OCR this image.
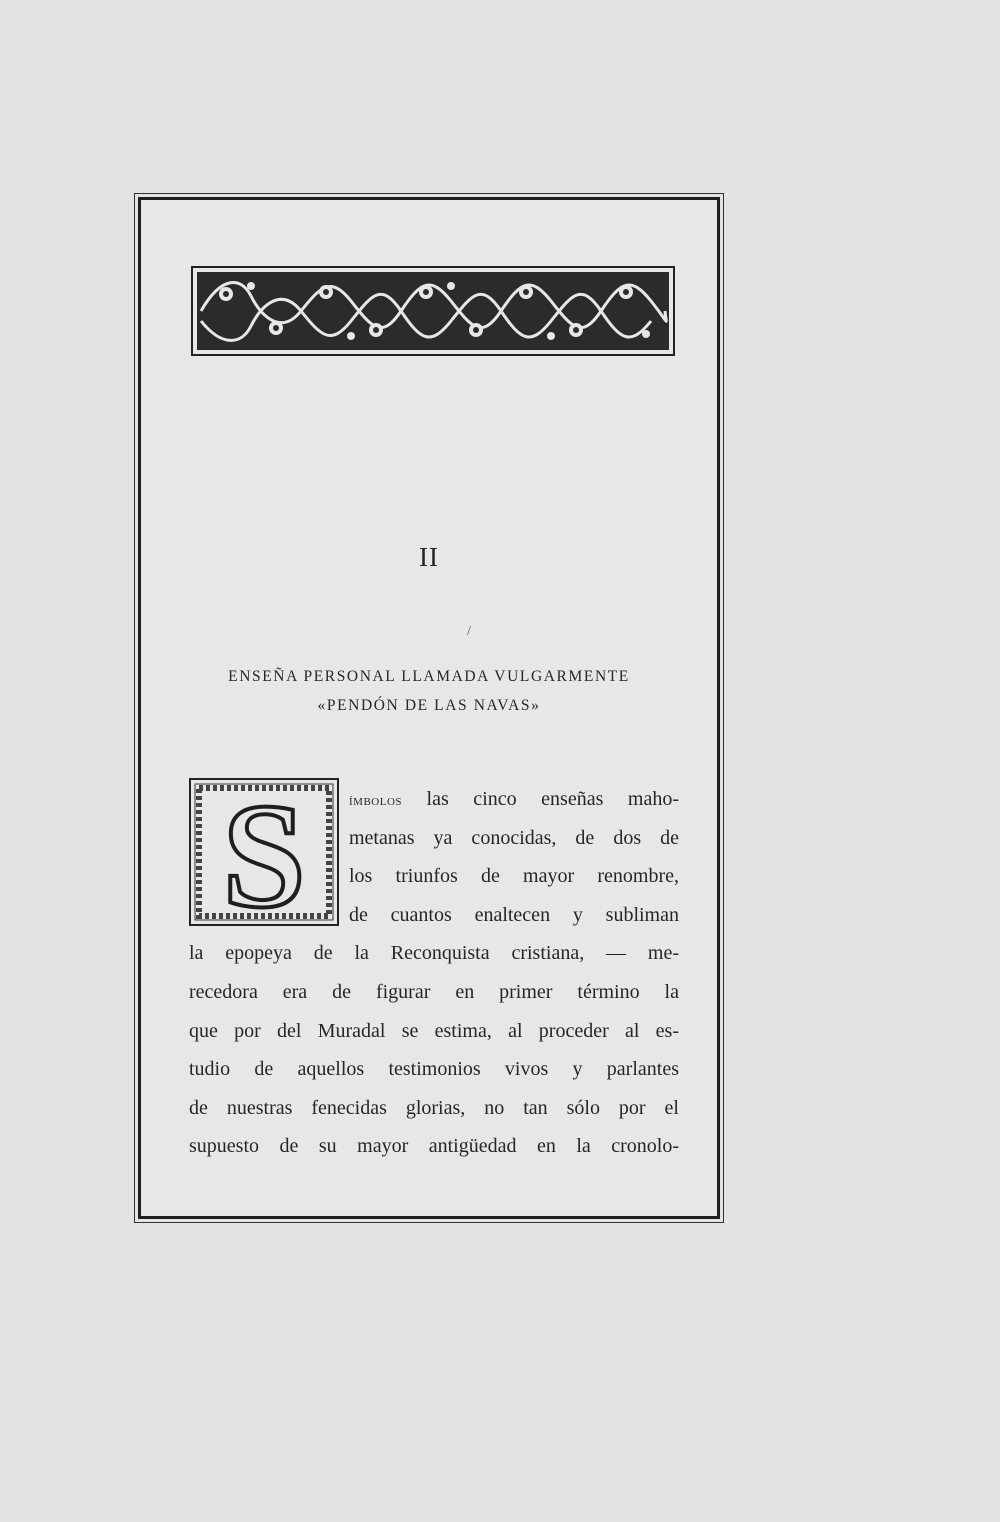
II
/
ENSEÑA PERSONAL LLAMADA VULGARMENTE
«PENDÓN DE LAS NAVAS»
S	ímbolos las cinco enseñas maho-
metanas ya conocidas, de dos de
los triunfos de mayor renombre,
de cuantos enaltecen y subliman
la epopeya de la Reconquista cristiana, — me-
recedora era de figurar en primer término la
que por del Muradal se estima, al proceder al es-
tudio de aquellos testimonios vivos y parlantes
de nuestras fenecidas glorias, no tan sólo por el
supuesto de su mayor antigüedad en la cronolo-
